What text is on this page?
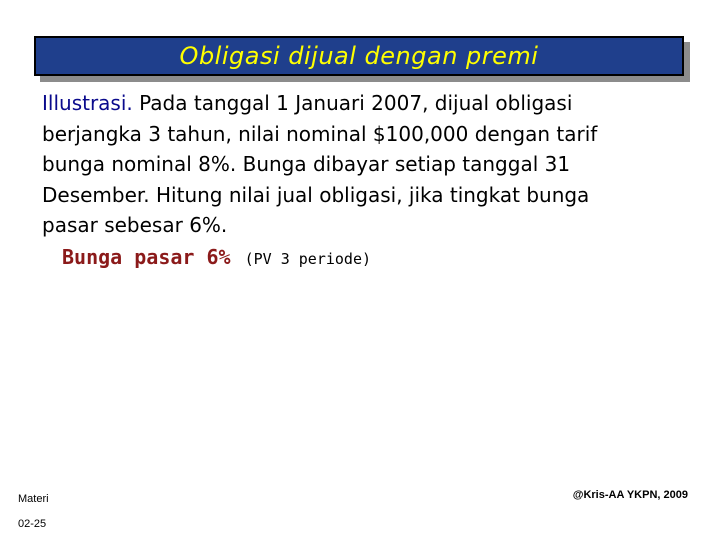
Obligasi dijual dengan premi
Illustrasi. Pada tanggal 1 Januari 2007, dijual obligasi
berjangka 3 tahun, nilai nominal $100,000 dengan tarif
bunga nominal 8%. Bunga dibayar setiap tanggal 31
Desember. Hitung nilai jual obligasi, jika tingkat bunga
pasar sebesar 6%.
Bunga pasar 6% (PV 3 periode)
Materi
02-25
@Kris-AA YKPN, 2009
